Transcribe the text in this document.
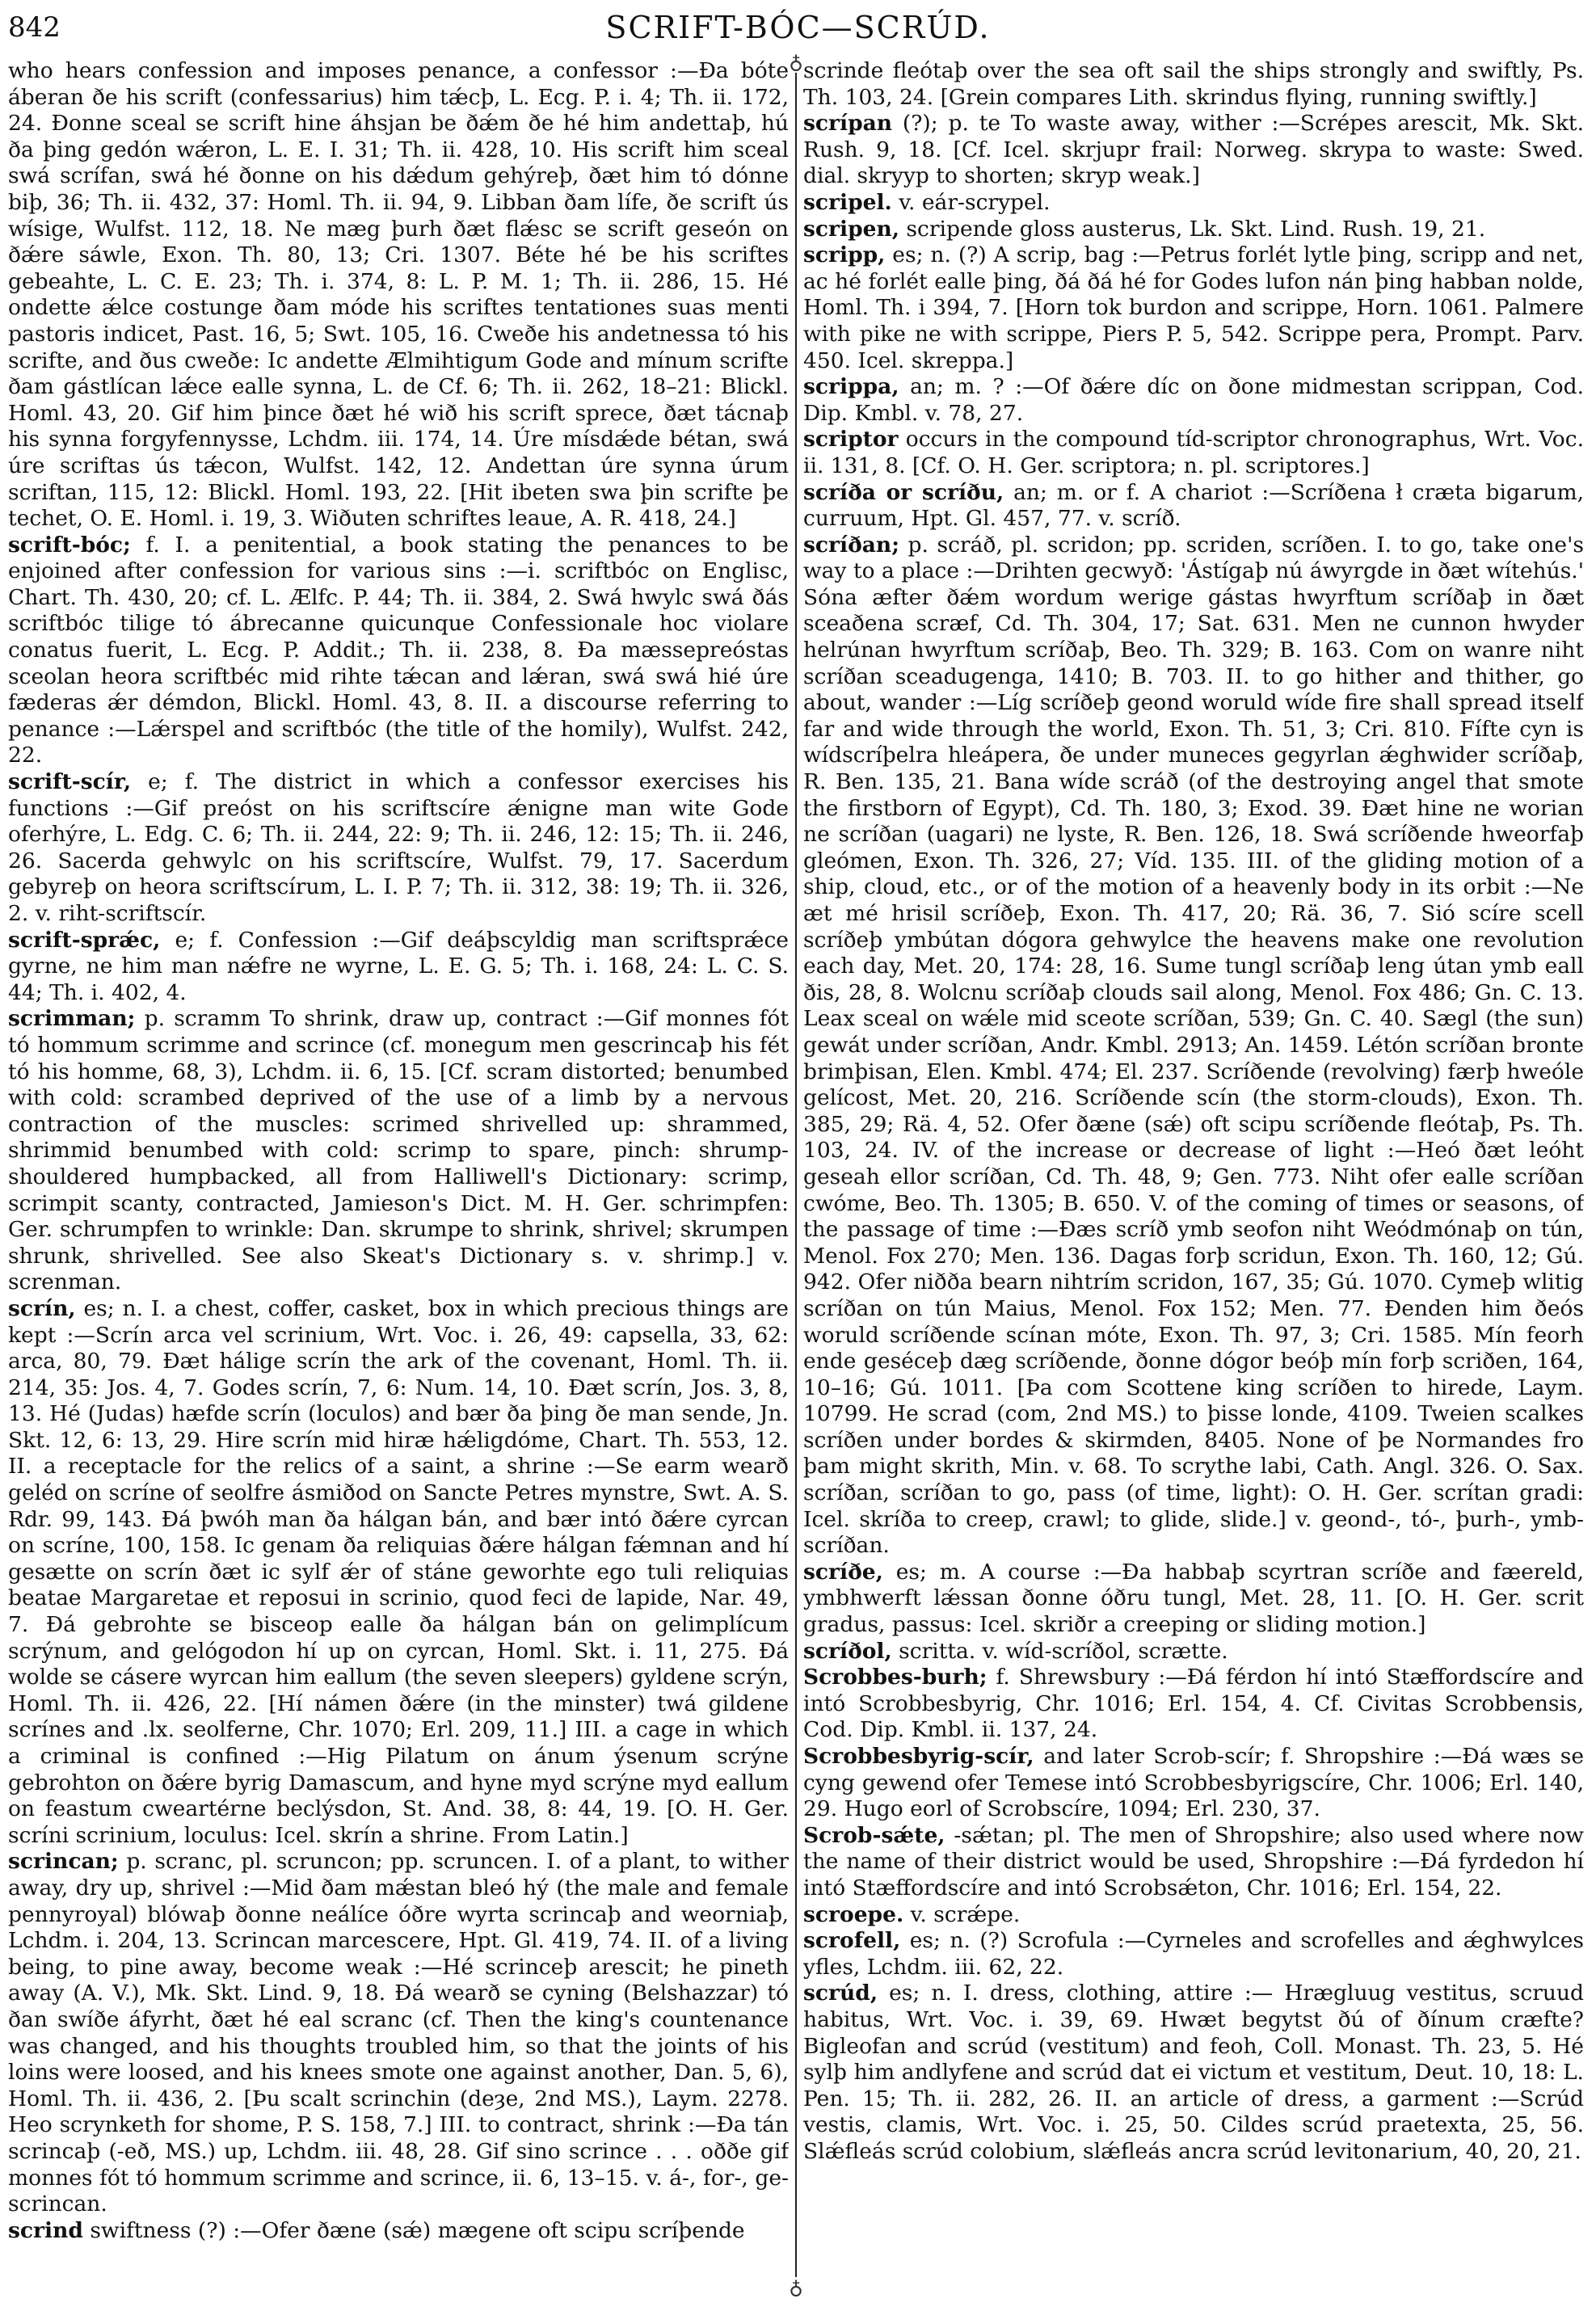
842	SCRIFT-BÓC—SCRÚD.
♁
♁

who hears confession and imposes penance, a confessor :—Ða bóte áberan ðe his scrift (confessarius) him tǽcþ, L. Ecg. P. i. 4; Th. ii. 172, 24. Ðonne sceal se scrift hine áhsjan be ðǽm ðe hé him andettaþ, hú ða þing gedón wǽron, L. E. I. 31; Th. ii. 428, 10. His scrift him sceal swá scrífan, swá hé ðonne on his dǽdum gehýreþ, ðæt him tó dónne biþ, 36; Th. ii. 432, 37: Homl. Th. ii. 94, 9. Libban ðam lífe, ðe scrift ús wísige, Wulfst. 112, 18. Ne mæg þurh ðæt flǽsc se scrift geseón on ðǽre sáwle, Exon. Th. 80, 13; Cri. 1307. Béte hé be his scriftes gebeahte, L. C. E. 23; Th. i. 374, 8: L. P. M. 1; Th. ii. 286, 15. Hé ondette ǽlce costunge ðam móde his scriftes tentationes suas menti pastoris indicet, Past. 16, 5; Swt. 105, 16. Cweðe his andetnessa tó his scrifte, and ðus cweðe: Ic andette Ælmihtigum Gode and mínum scrifte ðam gástlícan lǽce ealle synna, L. de Cf. 6; Th. ii. 262, 18–21: Blickl. Homl. 43, 20. Gif him þince ðæt hé wið his scrift sprece, ðæt tácnaþ his synna forgyfennysse, Lchdm. iii. 174, 14. Úre mísdǽde bétan, swá úre scriftas ús tǽcon, Wulfst. 142, 12. Andettan úre synna úrum scriftan, 115, 12: Blickl. Homl. 193, 22. [Hit ibeten swa þin scrifte þe techet, O. E. Homl. i. 19, 3. Wiðuten schriftes leaue, A. R. 418, 24.]

scrift-bóc; f. I. a penitential, a book stating the penances to be enjoined after confession for various sins :—i. scriftbóc on Englisc, Chart. Th. 430, 20; cf. L. Ælfc. P. 44; Th. ii. 384, 2. Swá hwylc swá ðás scriftbóc tilige tó ábrecanne quicunque Confessionale hoc violare conatus fuerit, L. Ecg. P. Addit.; Th. ii. 238, 8. Ða mæssepreóstas sceolan heora scriftbéc mid rihte tǽcan and lǽran, swá swá hié úre fæderas ǽr démdon, Blickl. Homl. 43, 8. II. a discourse referring to penance :—Lǽrspel and scriftbóc (the title of the homily), Wulfst. 242, 22.

scrift-scír, e; f. The district in which a confessor exercises his functions :—Gif preóst on his scriftscíre ǽnigne man wite Gode oferhýre, L. Edg. C. 6; Th. ii. 244, 22: 9; Th. ii. 246, 12: 15; Th. ii. 246, 26. Sacerda gehwylc on his scriftscíre, Wulfst. 79, 17. Sacerdum gebyreþ on heora scriftscírum, L. I. P. 7; Th. ii. 312, 38: 19; Th. ii. 326, 2. v. riht-scriftscír.

scrift-sprǽc, e; f. Confession :—Gif deáþscyldig man scriftsprǽce gyrne, ne him man nǽfre ne wyrne, L. E. G. 5; Th. i. 168, 24: L. C. S. 44; Th. i. 402, 4.

scrimman; p. scramm To shrink, draw up, contract :—Gif monnes fót tó hommum scrimme and scrince (cf. monegum men gescrincaþ his fét tó his homme, 68, 3), Lchdm. ii. 6, 15. [Cf. scram distorted; benumbed with cold: scrambed deprived of the use of a limb by a nervous contraction of the muscles: scrimed shrivelled up: shrammed, shrimmid benumbed with cold: scrimp to spare, pinch: shrump-shouldered humpbacked, all from Halliwell's Dictionary: scrimp, scrimpit scanty, contracted, Jamieson's Dict. M. H. Ger. schrimpfen: Ger. schrumpfen to wrinkle: Dan. skrumpe to shrink, shrivel; skrumpen shrunk, shrivelled. See also Skeat's Dictionary s. v. shrimp.] v. screnman.

scrín, es; n. I. a chest, coffer, casket, box in which precious things are kept :—Scrín arca vel scrinium, Wrt. Voc. i. 26, 49: capsella, 33, 62: arca, 80, 79. Ðæt hálige scrín the ark of the covenant, Homl. Th. ii. 214, 35: Jos. 4, 7. Godes scrín, 7, 6: Num. 14, 10. Ðæt scrín, Jos. 3, 8, 13. Hé (Judas) hæfde scrín (loculos) and bær ða þing ðe man sende, Jn. Skt. 12, 6: 13, 29. Hire scrín mid hiræ hǽligdóme, Chart. Th. 553, 12. II. a receptacle for the relics of a saint, a shrine :—Se earm wearð geléd on scríne of seolfre ásmiðod on Sancte Petres mynstre, Swt. A. S. Rdr. 99, 143. Ðá þwóh man ða hálgan bán, and bær intó ðǽre cyrcan on scríne, 100, 158. Ic genam ða reliquias ðǽre hálgan fǽmnan and hí gesætte on scrín ðæt ic sylf ǽr of stáne geworhte ego tuli reliquias beatae Margaretae et reposui in scrinio, quod feci de lapide, Nar. 49, 7. Ðá gebrohte se bisceop ealle ða hálgan bán on gelimplícum scrýnum, and gelógodon hí up on cyrcan, Homl. Skt. i. 11, 275. Ðá wolde se cásere wyrcan him eallum (the seven sleepers) gyldene scrýn, Homl. Th. ii. 426, 22. [Hí námen ðǽre (in the minster) twá gildene scrínes and .lx. seolferne, Chr. 1070; Erl. 209, 11.] III. a cage in which a criminal is confined :—Hig Pilatum on ánum ýsenum scrýne gebrohton on ðǽre byrig Damascum, and hyne myd scrýne myd eallum on feastum cweartérne beclýsdon, St. And. 38, 8: 44, 19. [O. H. Ger. scríni scrinium, loculus: Icel. skrín a shrine. From Latin.]

scrincan; p. scranc, pl. scruncon; pp. scruncen. I. of a plant, to wither away, dry up, shrivel :—Mid ðam mǽstan bleó hý (the male and female pennyroyal) blówaþ ðonne neálíce óðre wyrta scrincaþ and weorniaþ, Lchdm. i. 204, 13. Scrincan marcescere, Hpt. Gl. 419, 74. II. of a living being, to pine away, become weak :—Hé scrinceþ arescit; he pineth away (A. V.), Mk. Skt. Lind. 9, 18. Ðá wearð se cyning (Belshazzar) tó ðan swíðe áfyrht, ðæt hé eal scranc (cf. Then the king's countenance was changed, and his thoughts troubled him, so that the joints of his loins were loosed, and his knees smote one against another, Dan. 5, 6), Homl. Th. ii. 436, 2. [Þu scalt scrinchin (deȝe, 2nd MS.), Laym. 2278. Heo scrynketh for shome, P. S. 158, 7.] III. to contract, shrink :—Ða tán scrincaþ (-eð, MS.) up, Lchdm. iii. 48, 28. Gif sino scrince . . . oððe gif monnes fót tó hommum scrimme and scrince, ii. 6, 13–15. v. á-, for-, ge-scrincan.

scrind swiftness (?) :—Ofer ðæne (sǽ) mægene oft scipu scríþende

scrinde fleótaþ over the sea oft sail the ships strongly and swiftly, Ps. Th. 103, 24. [Grein compares Lith. skrindus flying, running swiftly.]

scrípan (?); p. te To waste away, wither :—Scrépes arescit, Mk. Skt. Rush. 9, 18. [Cf. Icel. skrjupr frail: Norweg. skrypa to waste: Swed. dial. skryyp to shorten; skryp weak.]

scripel. v. eár-scrypel.

scripen, scripende gloss austerus, Lk. Skt. Lind. Rush. 19, 21.

scripp, es; n. (?) A scrip, bag :—Petrus forlét lytle þing, scripp and net, ac hé forlét ealle þing, ðá ðá hé for Godes lufon nán þing habban nolde, Homl. Th. i 394, 7. [Horn tok burdon and scrippe, Horn. 1061. Palmere with pike ne with scrippe, Piers P. 5, 542. Scrippe pera, Prompt. Parv. 450. Icel. skreppa.]

scrippa, an; m. ? :—Of ðǽre díc on ðone midmestan scrippan, Cod. Dip. Kmbl. v. 78, 27.

scriptor occurs in the compound tíd-scriptor chronographus, Wrt. Voc. ii. 131, 8. [Cf. O. H. Ger. scriptora; n. pl. scriptores.]

scríða or scríðu, an; m. or f. A chariot :—Scríðena ł cræta bigarum, curruum, Hpt. Gl. 457, 77. v. scríð.

scríðan; p. scráð, pl. scridon; pp. scriden, scríðen. I. to go, take one's way to a place :—Drihten gecwyð: 'Ástígaþ nú áwyrgde in ðæt wítehús.' Sóna æfter ðǽm wordum werige gástas hwyrftum scríðaþ in ðæt sceaðena scræf, Cd. Th. 304, 17; Sat. 631. Men ne cunnon hwyder helrúnan hwyrftum scríðaþ, Beo. Th. 329; B. 163. Com on wanre niht scríðan sceadugenga, 1410; B. 703. II. to go hither and thither, go about, wander :—Líg scríðeþ geond woruld wíde fire shall spread itself far and wide through the world, Exon. Th. 51, 3; Cri. 810. Fífte cyn is wídscríþelra hleápera, ðe under muneces gegyrlan ǽghwider scríðaþ, R. Ben. 135, 21. Bana wíde scráð (of the destroying angel that smote the firstborn of Egypt), Cd. Th. 180, 3; Exod. 39. Ðæt hine ne worian ne scríðan (uagari) ne lyste, R. Ben. 126, 18. Swá scríðende hweorfaþ gleómen, Exon. Th. 326, 27; Víd. 135. III. of the gliding motion of a ship, cloud, etc., or of the motion of a heavenly body in its orbit :—Ne æt mé hrisil scríðeþ, Exon. Th. 417, 20; Rä. 36, 7. Sió scíre scell scríðeþ ymbútan dógora gehwylce the heavens make one revolution each day, Met. 20, 174: 28, 16. Sume tungl scríðaþ leng útan ymb eall ðis, 28, 8. Wolcnu scríðaþ clouds sail along, Menol. Fox 486; Gn. C. 13. Leax sceal on wǽle mid sceote scríðan, 539; Gn. C. 40. Sægl (the sun) gewát under scríðan, Andr. Kmbl. 2913; An. 1459. Létón scríðan bronte brimþisan, Elen. Kmbl. 474; El. 237. Scríðende (revolving) færþ hweóle gelícost, Met. 20, 216. Scríðende scín (the storm-clouds), Exon. Th. 385, 29; Rä. 4, 52. Ofer ðæne (sǽ) oft scipu scríðende fleótaþ, Ps. Th. 103, 24. IV. of the increase or decrease of light :—Heó ðæt leóht geseah ellor scríðan, Cd. Th. 48, 9; Gen. 773. Niht ofer ealle scríðan cwóme, Beo. Th. 1305; B. 650. V. of the coming of times or seasons, of the passage of time :—Ðæs scríð ymb seofon niht Weódmónaþ on tún, Menol. Fox 270; Men. 136. Dagas forþ scridun, Exon. Th. 160, 12; Gú. 942. Ofer niðða bearn nihtrím scridon, 167, 35; Gú. 1070. Cymeþ wlitig scríðan on tún Maius, Menol. Fox 152; Men. 77. Ðenden him ðeós woruld scríðende scínan móte, Exon. Th. 97, 3; Cri. 1585. Mín feorh ende geséceþ dæg scríðende, ðonne dógor beóþ mín forþ scriðen, 164, 10–16; Gú. 1011. [Þa com Scottene king scríðen to hirede, Laym. 10799. He scrad (com, 2nd MS.) to þisse londe, 4109. Tweien scalkes scríðen under bordes & skirmden, 8405. None of þe Normandes fro þam might skrith, Min. v. 68. To scrythe labi, Cath. Angl. 326. O. Sax. scríðan, scríðan to go, pass (of time, light): O. H. Ger. scrítan gradi: Icel. skríða to creep, crawl; to glide, slide.] v. geond-, tó-, þurh-, ymb-scríðan.

scríðe, es; m. A course :—Ða habbaþ scyrtran scríðe and fæereld, ymbhwerft lǽssan ðonne óðru tungl, Met. 28, 11. [O. H. Ger. scrit gradus, passus: Icel. skriðr a creeping or sliding motion.]

scríðol, scritta. v. wíd-scríðol, scrætte.

Scrobbes-burh; f. Shrewsbury :—Ðá férdon hí intó Stæffordscíre and intó Scrobbesbyrig, Chr. 1016; Erl. 154, 4. Cf. Civitas Scrobbensis, Cod. Dip. Kmbl. ii. 137, 24.

Scrobbesbyrig-scír, and later Scrob-scír; f. Shropshire :—Ðá wæs se cyng gewend ofer Temese intó Scrobbesbyrigscíre, Chr. 1006; Erl. 140, 29. Hugo eorl of Scrobscíre, 1094; Erl. 230, 37.

Scrob-sǽte, -sǽtan; pl. The men of Shropshire; also used where now the name of their district would be used, Shropshire :—Ðá fyrdedon hí intó Stæffordscíre and intó Scrobsǽton, Chr. 1016; Erl. 154, 22.

scroepe. v. scrǽpe.

scrofell, es; n. (?) Scrofula :—Cyrneles and scrofelles and ǽghwylces yfles, Lchdm. iii. 62, 22.

scrúd, es; n. I. dress, clothing, attire :— Hrægluug vestitus, scruud habitus, Wrt. Voc. i. 39, 69. Hwæt begytst ðú of ðínum cræfte? Bigleofan and scrúd (vestitum) and feoh, Coll. Monast. Th. 23, 5. Hé sylþ him andlyfene and scrúd dat ei victum et vestitum, Deut. 10, 18: L. Pen. 15; Th. ii. 282, 26. II. an article of dress, a garment :—Scrúd vestis, clamis, Wrt. Voc. i. 25, 50. Cildes scrúd praetexta, 25, 56. Slǽfleás scrúd colobium, slǽfleás ancra scrúd levitonarium, 40, 20, 21.
